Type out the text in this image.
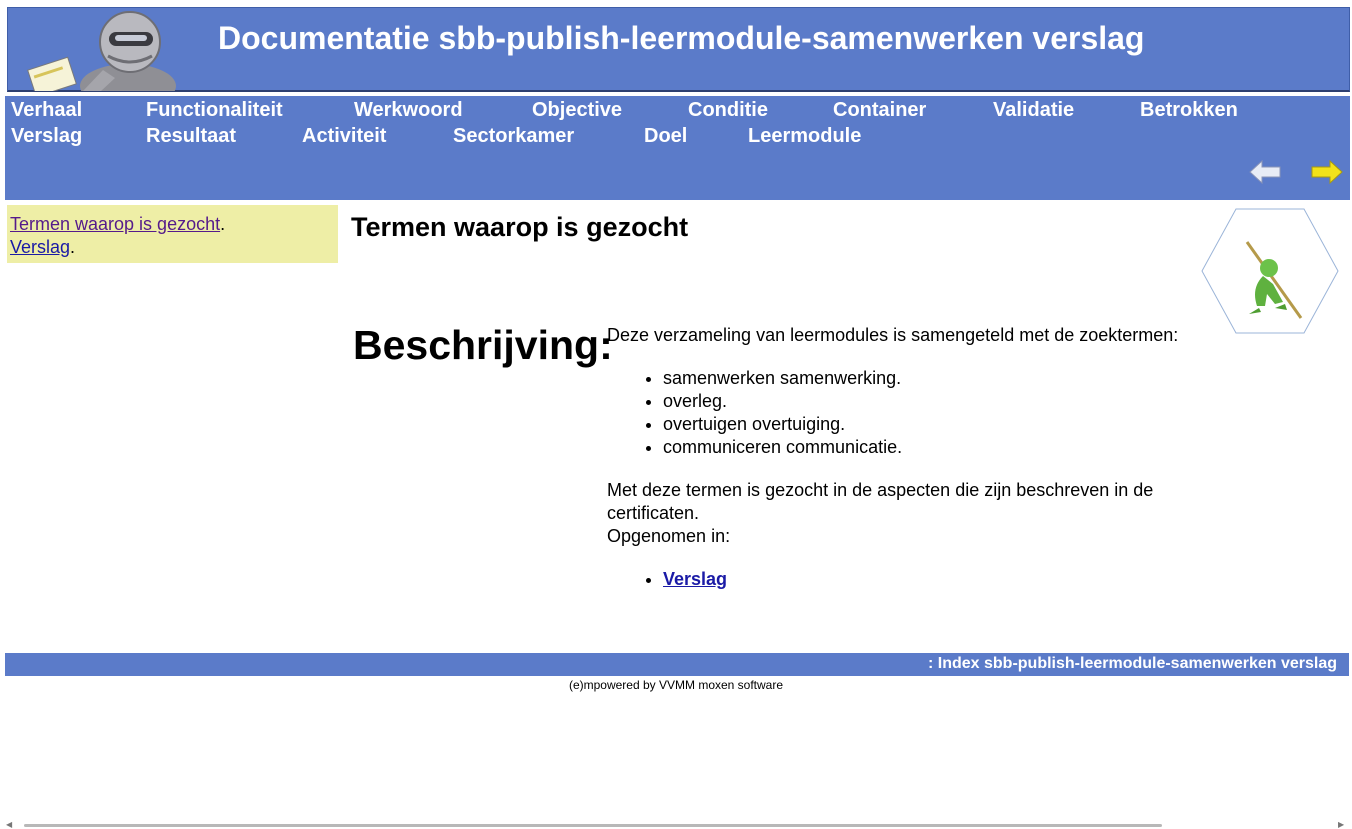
Documentatie sbb-publish-leermodule-samenwerken verslag
Verhaal	Functionaliteit	Werkwoord	Objective	Conditie	Container	Validatie	Betrokken
Verslag	Resultaat	Activiteit	Sectorkamer	Doel	Leermodule
Termen waarop is gezocht.
Verslag.
Termen waarop is gezocht
Beschrijving:

Deze verzameling van leermodules is samengeteld met de zoektermen:

• samenwerken samenwerking.
• overleg.
• overtuigen overtuiging.
• communiceren communicatie.

Met deze termen is gezocht in de aspecten die zijn beschreven in de certificaten.

Opgenomen in:

• Verslag
: Index sbb-publish-leermodule-samenwerken verslag
(e)mpowered by VVMM moxen software
◀	▶
